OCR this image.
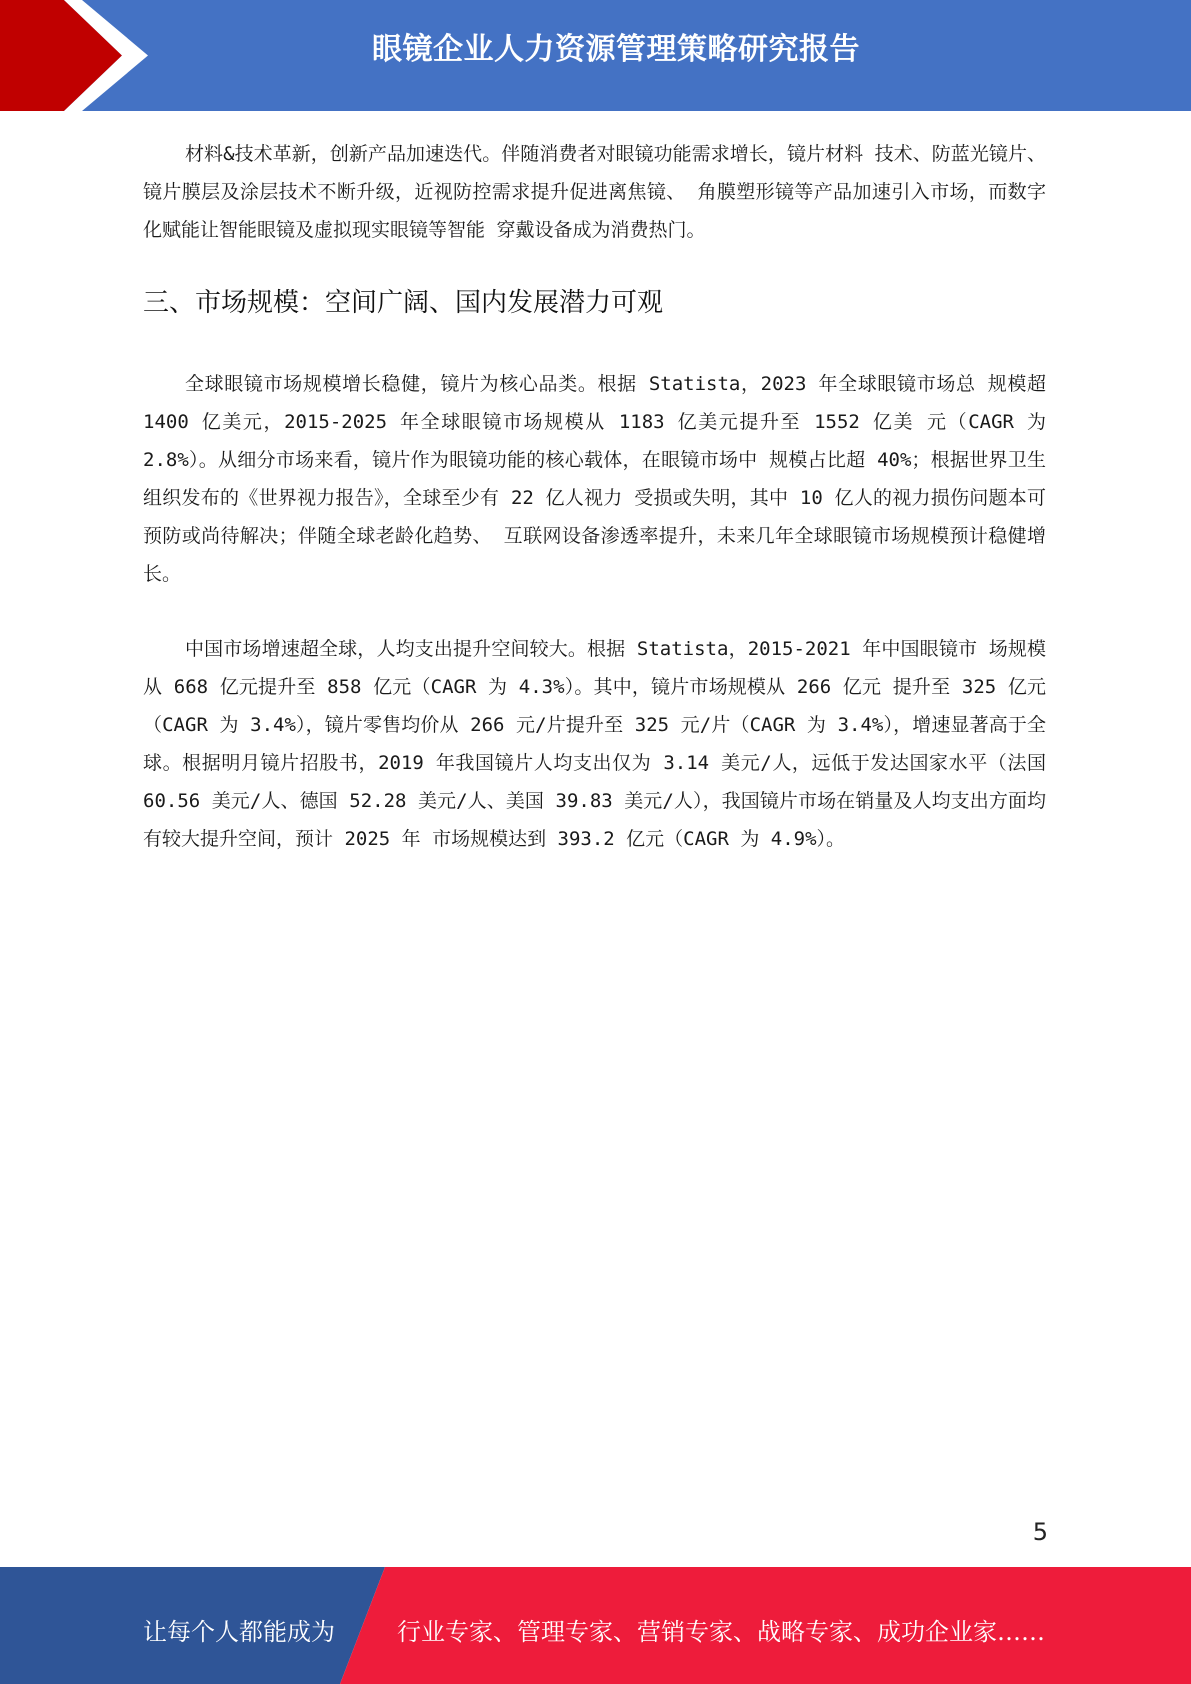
眼镜企业人力资源管理策略研究报告

材料&技术革新，创新产品加速迭代。伴随消费者对眼镜功能需求增长，镜片材料 技术、防蓝光镜片、镜片膜层及涂层技术不断升级，近视防控需求提升促进离焦镜、 角膜塑形镜等产品加速引入市场，而数字化赋能让智能眼镜及虚拟现实眼镜等智能 穿戴设备成为消费热门。

三、市场规模：空间广阔、国内发展潜力可观

全球眼镜市场规模增长稳健，镜片为核心品类。根据 Statista，2023 年全球眼镜市场总 规模超 1400 亿美元，2015-2025 年全球眼镜市场规模从 1183 亿美元提升至 1552 亿美 元（CAGR 为 2.8%）。从细分市场来看，镜片作为眼镜功能的核心载体，在眼镜市场中 规模占比超 40%；根据世界卫生组织发布的《世界视力报告》，全球至少有 22 亿人视力 受损或失明，其中 10 亿人的视力损伤问题本可预防或尚待解决；伴随全球老龄化趋势、 互联网设备渗透率提升，未来几年全球眼镜市场规模预计稳健增长。

中国市场增速超全球，人均支出提升空间较大。根据 Statista，2015-2021 年中国眼镜市 场规模从 668 亿元提升至 858 亿元（CAGR 为 4.3%）。其中，镜片市场规模从 266 亿元 提升至 325 亿元（CAGR 为 3.4%），镜片零售均价从 266 元/片提升至 325 元/片（CAGR 为 3.4%），增速显著高于全球。根据明月镜片招股书，2019 年我国镜片人均支出仅为 3.14 美元/人，远低于发达国家水平（法国 60.56 美元/人、德国 52.28 美元/人、美国 39.83 美元/人），我国镜片市场在销量及人均支出方面均有较大提升空间，预计 2025 年 市场规模达到 393.2 亿元（CAGR 为 4.9%）。

5
让每个人都能成为	行业专家、管理专家、营销专家、战略专家、成功企业家……
